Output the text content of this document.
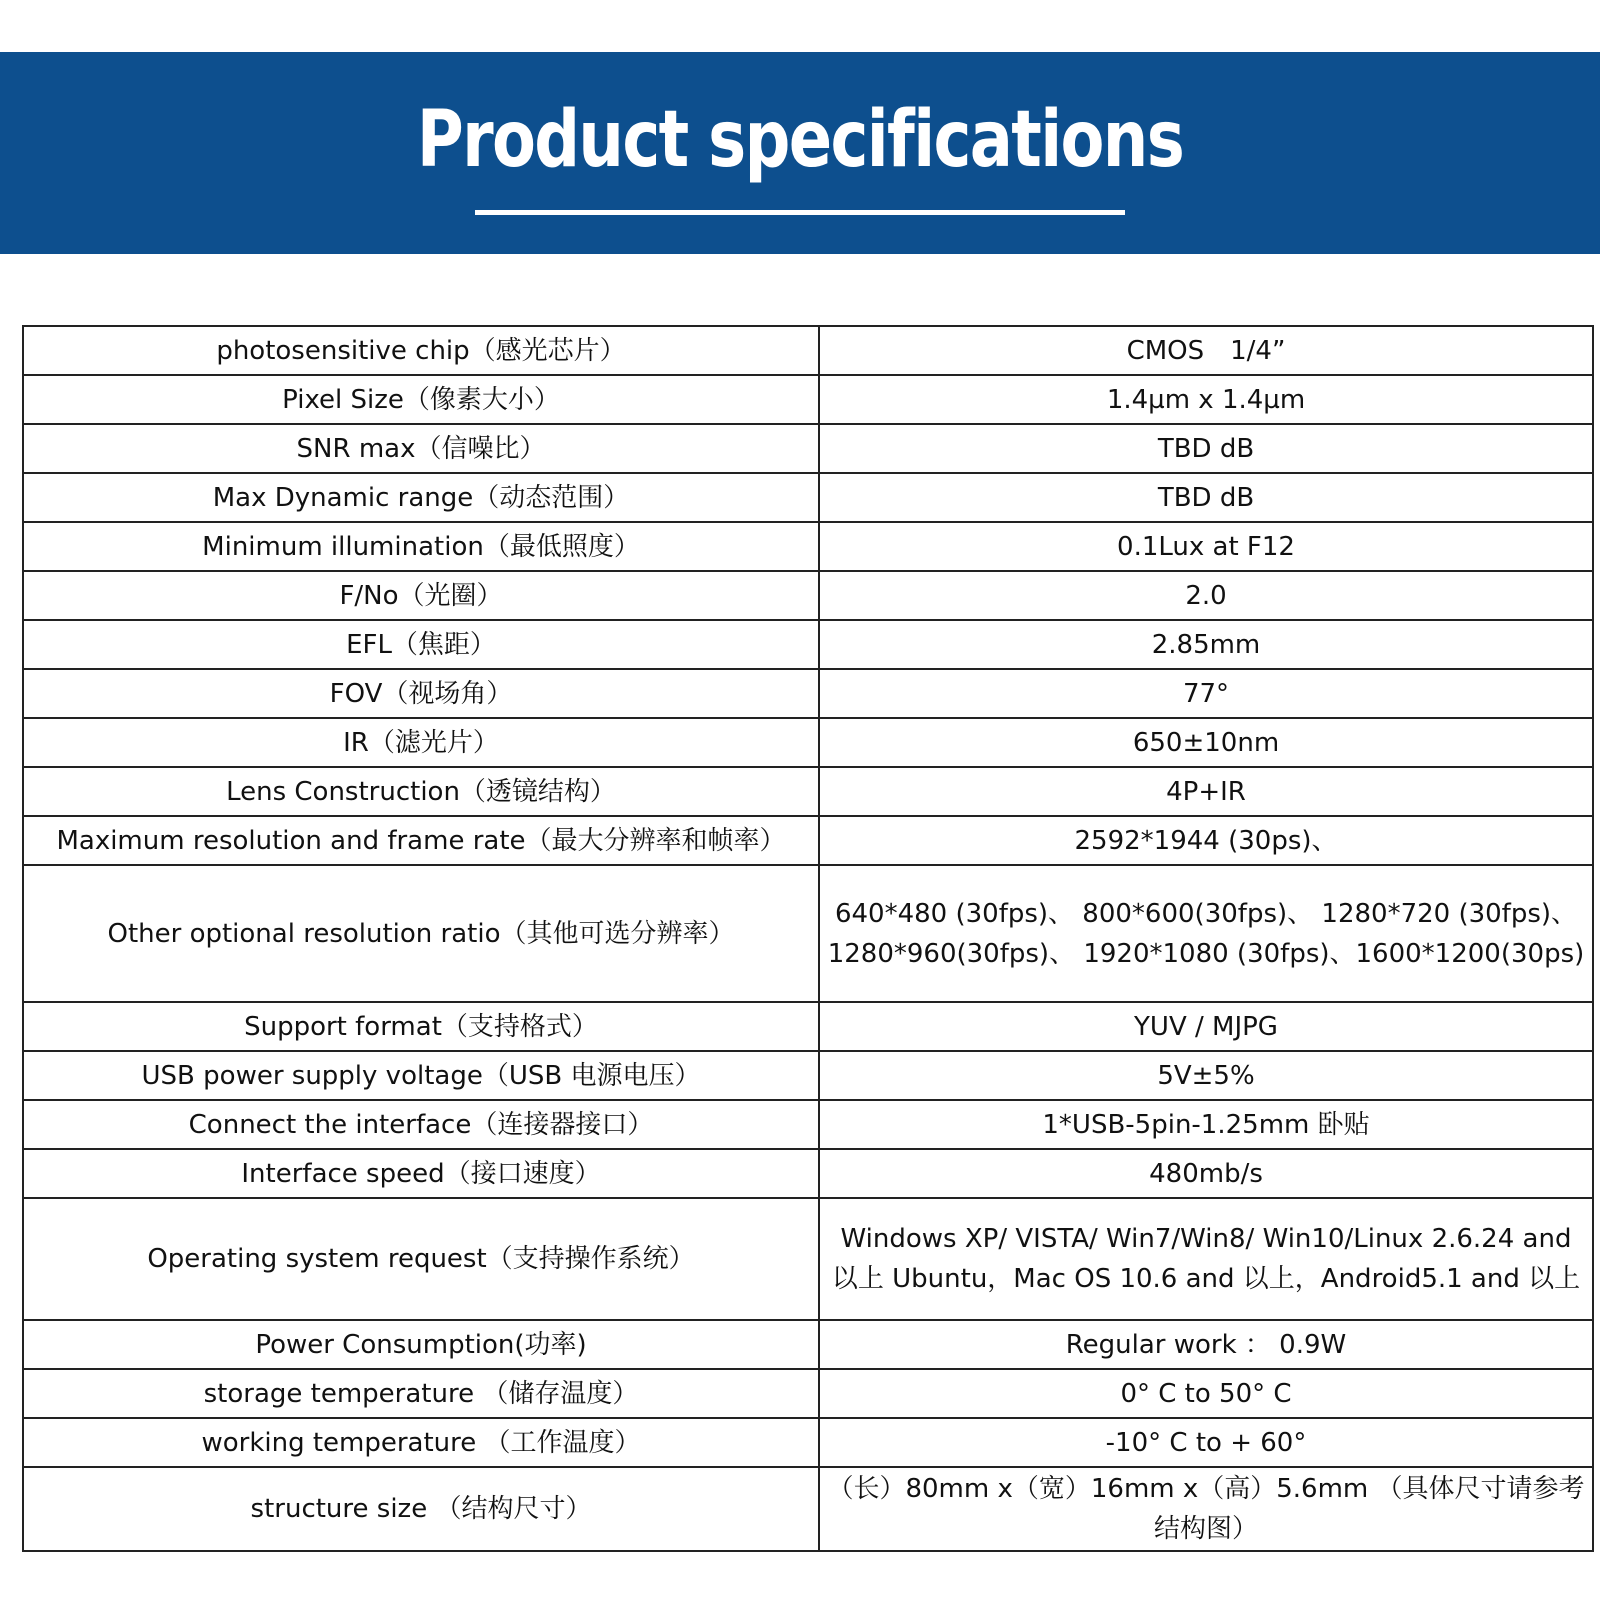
Product specifications
photosensitive chip（感光芯片）	CMOS　1/4”
Pixel Size（像素大小）	1.4µm x 1.4µm
SNR max（信噪比）	TBD dB
Max Dynamic range（动态范围）	TBD dB
Minimum illumination（最低照度）	0.1Lux at F12
F/No（光圈）	2.0
EFL（焦距）	2.85mm
FOV（视场角）	77°
IR（滤光片）	650±10nm
Lens Construction（透镜结构）	4P+IR
Maximum resolution and frame rate（最大分辨率和帧率）	2592*1944 (30ps)、
Other optional resolution ratio（其他可选分辨率）	640*480 (30fps)、 800*600(30fps)、 1280*720 (30fps)、 1280*960(30fps)、 1920*1080 (30fps)、1600*1200(30ps)
Support format（支持格式）	YUV / MJPG
USB power supply voltage（USB 电源电压）	5V±5%
Connect the interface（连接器接口）	1*USB-5pin-1.25mm 卧贴
Interface speed（接口速度）	480mb/s
Operating system request（支持操作系统）	Windows XP/ VISTA/ Win7/Win8/ Win10/Linux 2.6.24 and 以上 Ubuntu，Mac OS 10.6 and 以上，Android5.1 and 以上
Power Consumption(功率)	Regular work ： 0.9W
storage temperature （储存温度）	0° C to 50° C
working temperature （工作温度）	-10° C to + 60°
structure size （结构尺寸）	（长）80mm x（宽）16mm x（高）5.6mm （具体尺寸请参考结构图）
